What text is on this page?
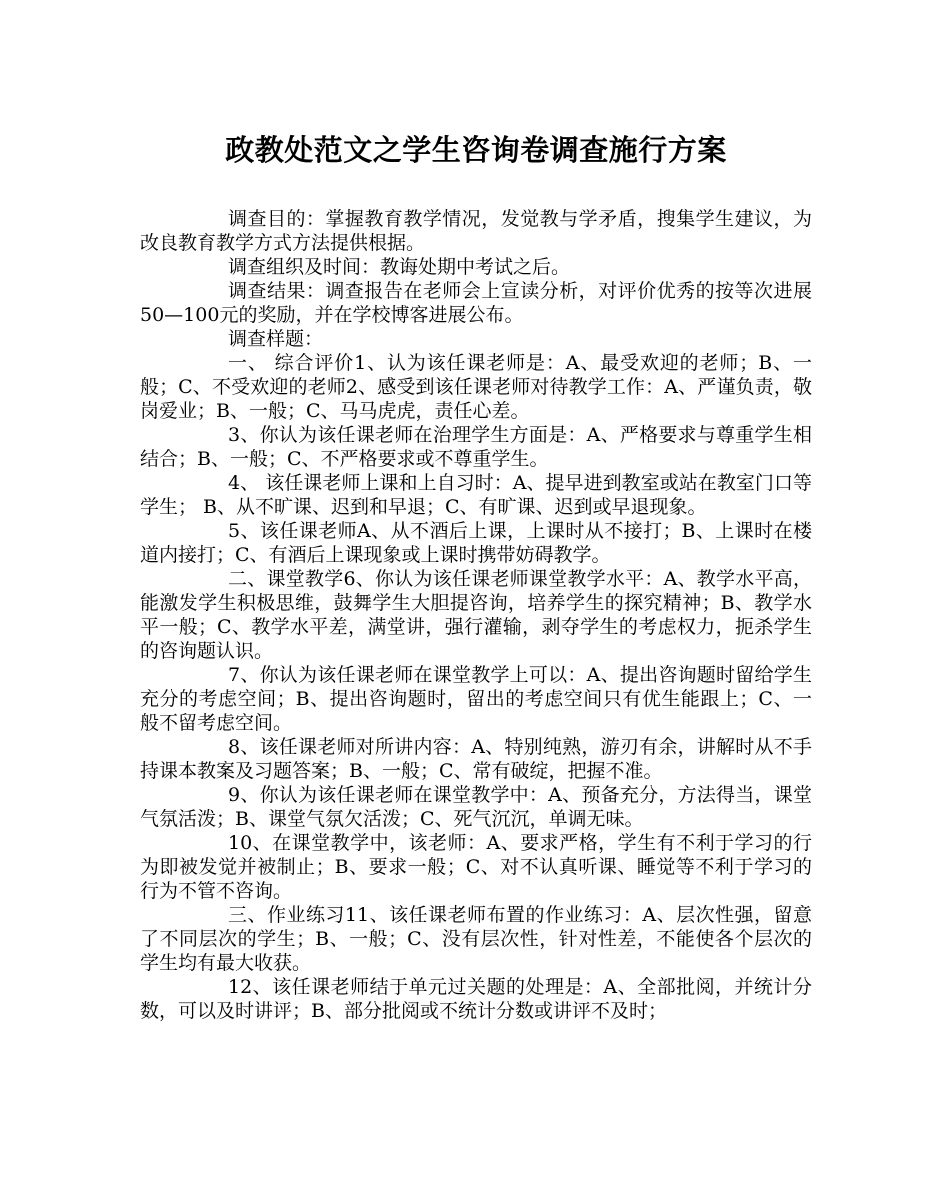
政教处范文之学生咨询卷调查施行方案

调查目的：掌握教育教学情况，发觉教与学矛盾，搜集学生建议，为改良教育教学方式方法提供根据。

调查组织及时间：教诲处期中考试之后。

调查结果：调查报告在老师会上宣读分析，对评价优秀的按等次进展50—100元的奖励，并在学校博客进展公布。

调查样题：

一、 综合评价1、认为该任课老师是：A、最受欢迎的老师；B、一般；C、不受欢迎的老师2、感受到该任课老师对待教学工作：A、严谨负责，敬岗爱业；B、一般；C、马马虎虎，责任心差。

3、你认为该任课老师在治理学生方面是：A、严格要求与尊重学生相结合；B、一般；C、不严格要求或不尊重学生。

4、 该任课老师上课和上自习时：A、提早进到教室或站在教室门口等学生； B、从不旷课、迟到和早退；C、有旷课、迟到或早退现象。

5、该任课老师A、从不酒后上课，上课时从不接打；B、上课时在楼道内接打；C、有酒后上课现象或上课时携带妨碍教学。

二、课堂教学6、你认为该任课老师课堂教学水平：A、教学水平高，能激发学生积极思维，鼓舞学生大胆提咨询，培养学生的探究精神；B、教学水平一般；C、教学水平差，满堂讲，强行灌输，剥夺学生的考虑权力，扼杀学生的咨询题认识。

7、你认为该任课老师在课堂教学上可以：A、提出咨询题时留给学生充分的考虑空间；B、提出咨询题时，留出的考虑空间只有优生能跟上；C、一般不留考虑空间。

8、该任课老师对所讲内容：A、特别纯熟，游刃有余，讲解时从不手持课本教案及习题答案；B、一般；C、常有破绽，把握不准。

9、你认为该任课老师在课堂教学中：A、预备充分，方法得当，课堂气氛活泼；B、课堂气氛欠活泼；C、死气沉沉，单调无味。

10、在课堂教学中，该老师：A、要求严格，学生有不利于学习的行为即被发觉并被制止；B、要求一般；C、对不认真听课、睡觉等不利于学习的行为不管不咨询。

三、作业练习11、该任课老师布置的作业练习：A、层次性强，留意了不同层次的学生；B、一般；C、没有层次性，针对性差，不能使各个层次的学生均有最大收获。

12、该任课老师结于单元过关题的处理是：A、全部批阅，并统计分数，可以及时讲评；B、部分批阅或不统计分数或讲评不及时；
